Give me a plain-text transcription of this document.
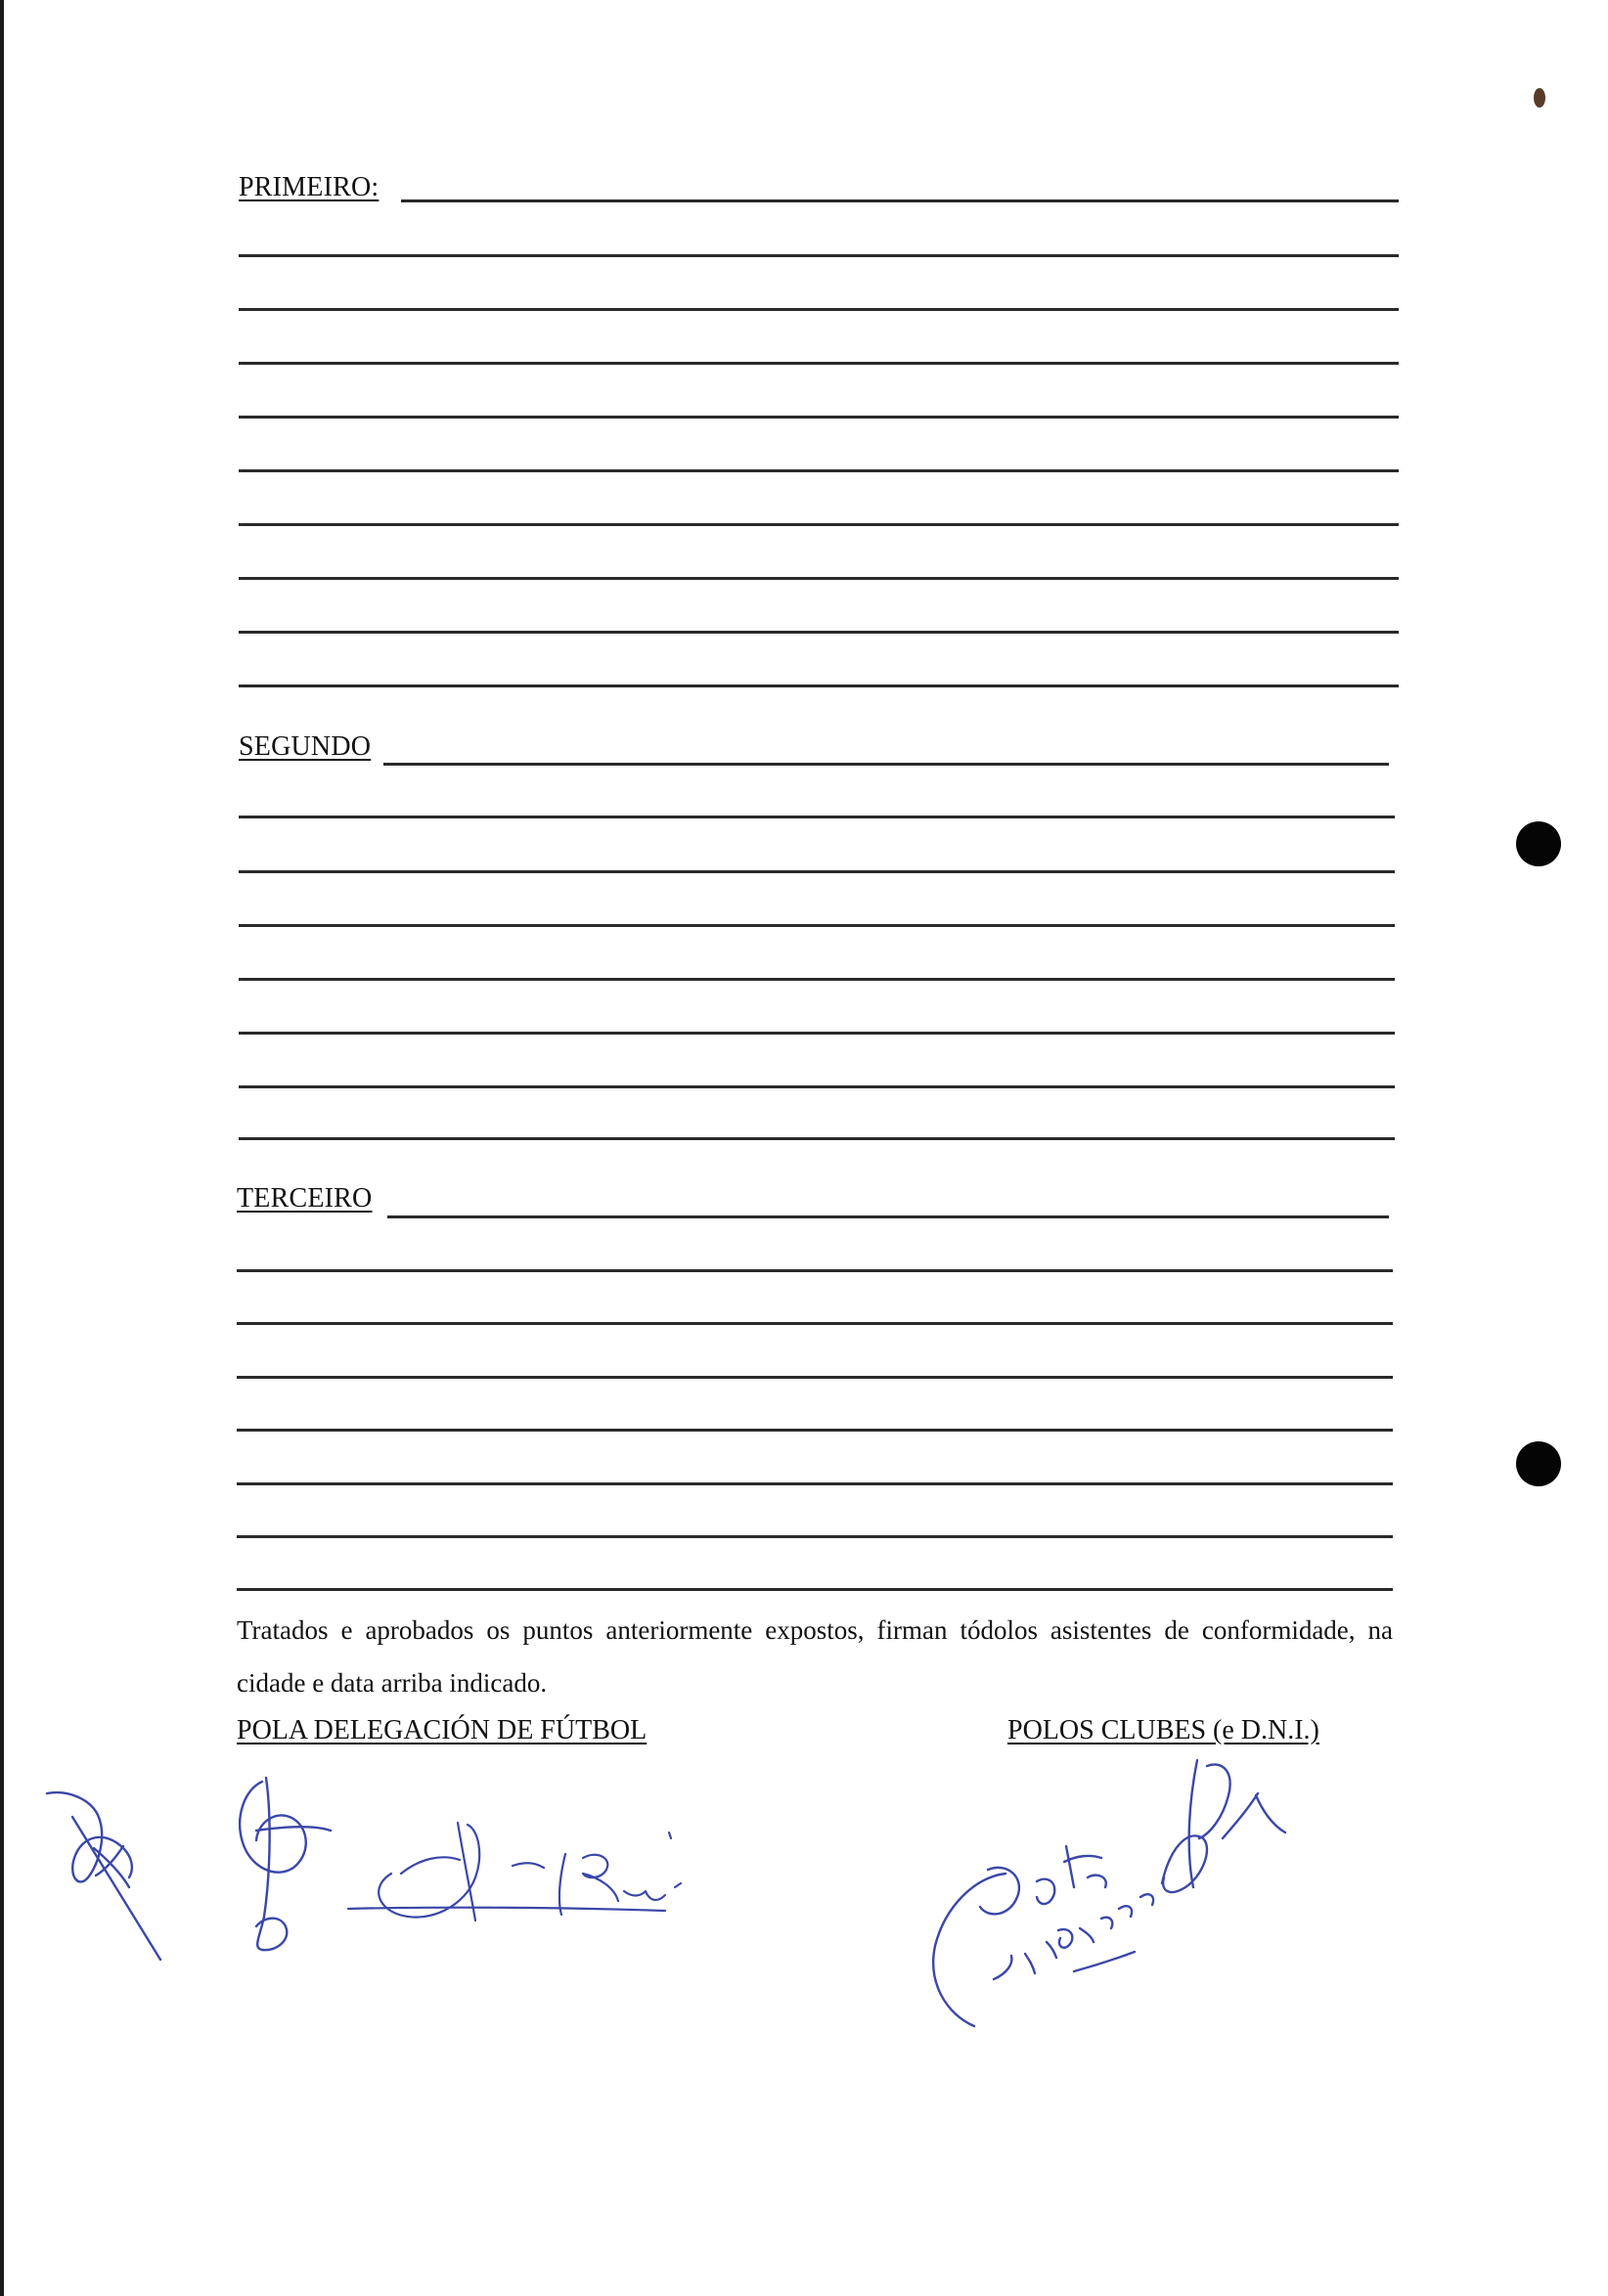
PRIMEIRO:
SEGUNDO
TERCEIRO
Tratados e aprobados os puntos anteriormente expostos, firman tódolos asistentes de conformidade, na cidade e data arriba indicado.
POLA DELEGACIÓN DE FÚTBOL	POLOS CLUBES (e D.N.I.)
